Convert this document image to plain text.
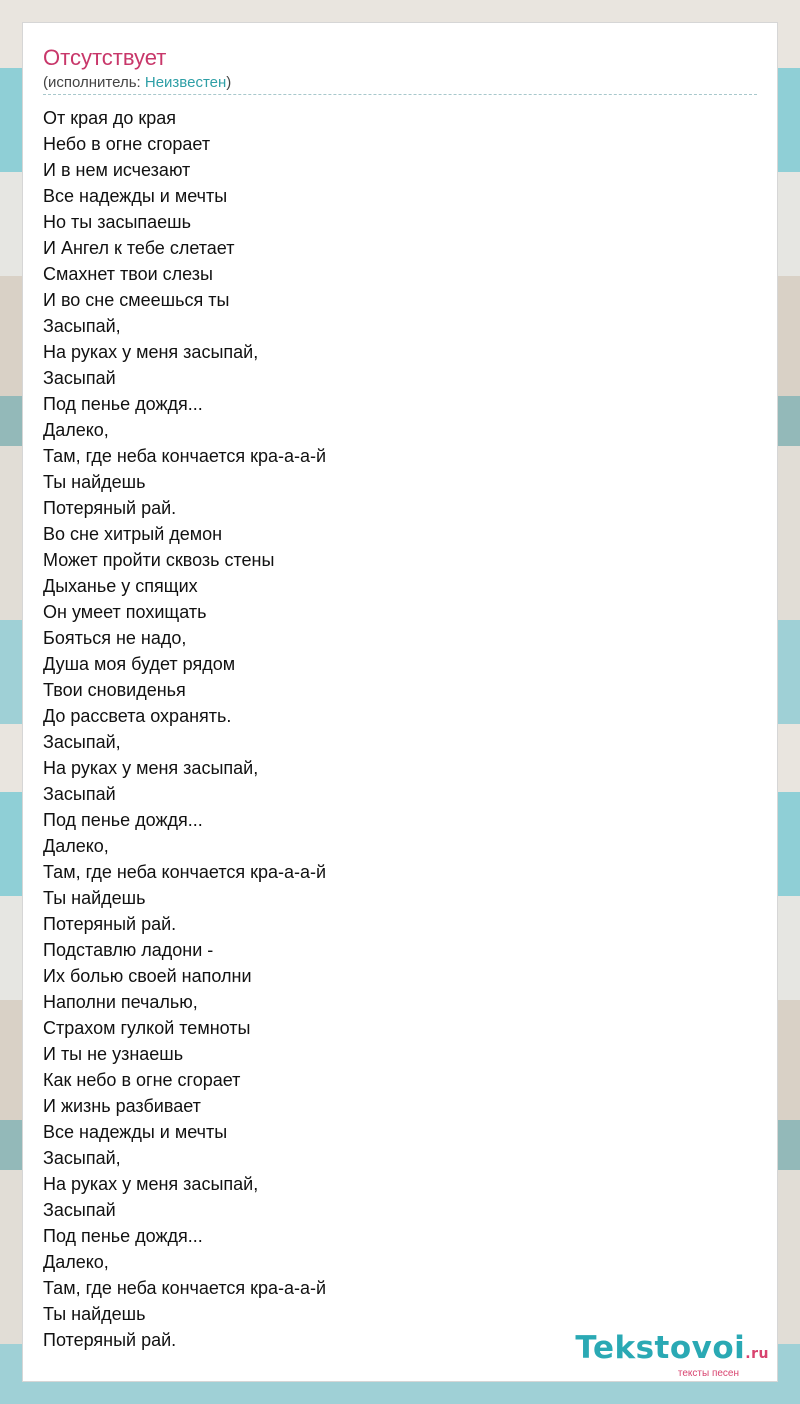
Отсутствует
(исполнитель: Неизвестен)
От края до края
Небо в огне сгорает
И в нем исчезают
Все надежды и мечты
Но ты засыпаешь
И Ангел к тебе слетает
Смахнет твои слезы
И во сне смеешься ты
Засыпай,
На руках у меня засыпай,
Засыпай
Под пенье дождя...
Далеко,
Там, где неба кончается кра-а-а-й
Ты найдешь
Потеряный рай.
Во сне хитрый демон
Может пройти сквозь стены
Дыханье у спящих
Он умеет похищать
Бояться не надо,
Душа моя будет рядом
Твои сновиденья
До рассвета охранять.
Засыпай,
На руках у меня засыпай,
Засыпай
Под пенье дождя...
Далеко,
Там, где неба кончается кра-а-а-й
Ты найдешь
Потеряный рай.
Подставлю ладони -
Их болью своей наполни
Наполни печалью,
Страхом гулкой темноты
И ты не узнаешь
Как небо в огне сгорает
И жизнь разбивает
Все надежды и мечты
Засыпай,
На руках у меня засыпай,
Засыпай
Под пенье дождя...
Далеко,
Там, где неба кончается кра-а-а-й
Ты найдешь
Потеряный рай.	Tekstovoi.ru
тексты песен
